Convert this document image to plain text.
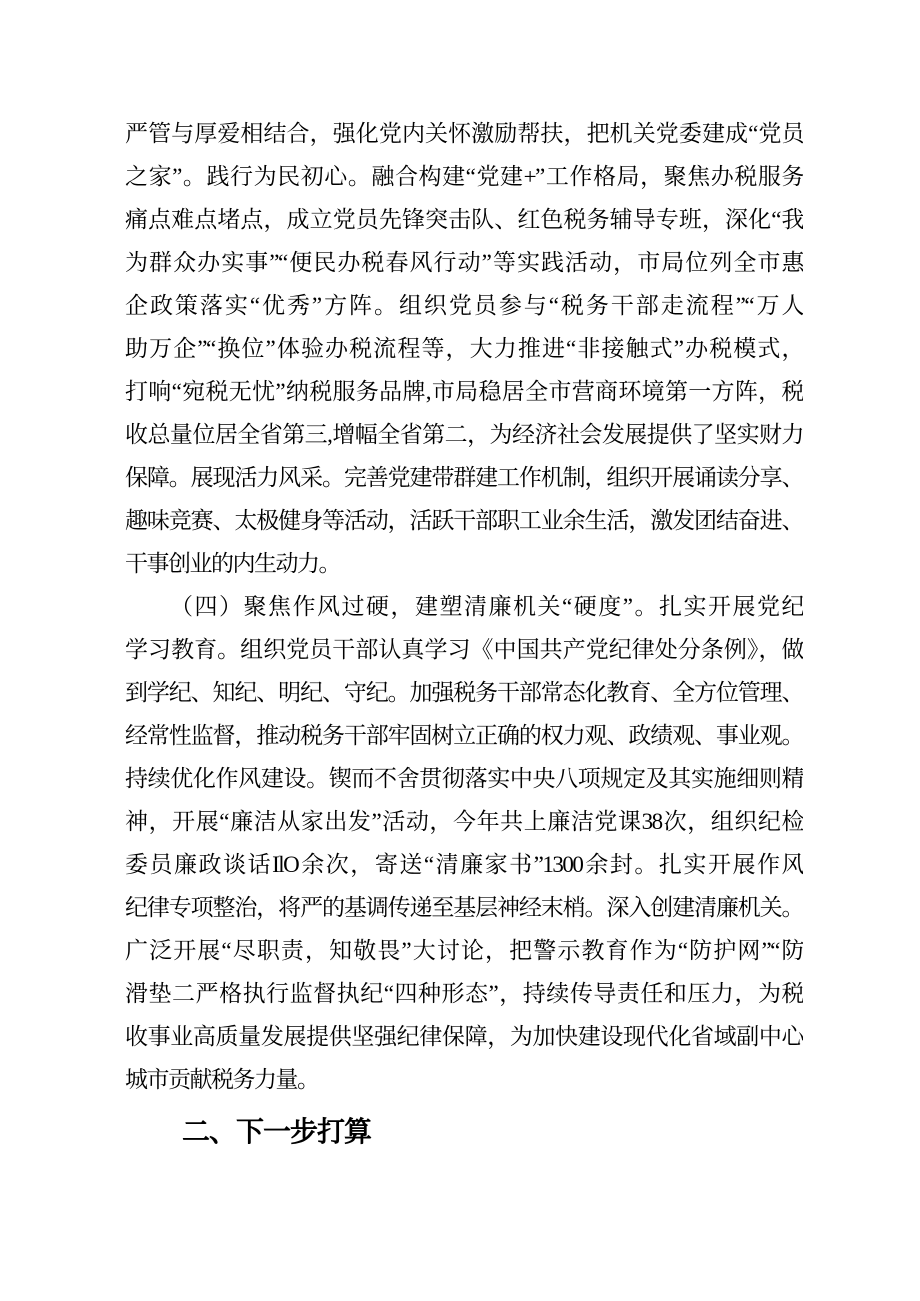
严管与厚爱相结合，强化党内关怀激励帮扶，把机关党委建成“党员
之家”。践行为民初心。融合构建“党建+”工作格局，聚焦办税服务
痛点难点堵点，成立党员先锋突击队、红色税务辅导专班，深化“我
为群众办实事”“便民办税春风行动”等实践活动，市局位列全市惠
企政策落实“优秀”方阵。组织党员参与“税务干部走流程”“万人
助万企”“换位”体验办税流程等，大力推进“非接触式”办税模式，
打响“宛税无忧”纳税服务品牌,市局稳居全市营商环境第一方阵，税
收总量位居全省第三,增幅全省第二，为经济社会发展提供了坚实财力
保障。展现活力风采。完善党建带群建工作机制，组织开展诵读分享、
趣味竞赛、太极健身等活动，活跃干部职工业余生活，激发团结奋进、
干事创业的内生动力。
（四）聚焦作风过硬，建塑清廉机关“硬度”。扎实开展党纪
学习教育。组织党员干部认真学习《中国共产党纪律处分条例》，做
到学纪、知纪、明纪、守纪。加强税务干部常态化教育、全方位管理、
经常性监督，推动税务干部牢固树立正确的权力观、政绩观、事业观。
持续优化作风建设。锲而不舍贯彻落实中央八项规定及其实施细则精
神，开展“廉洁从家出发”活动，今年共上廉洁党课38次，组织纪检
委员廉政谈话IlO余次，寄送“清廉家书”1300余封。扎实开展作风
纪律专项整治，将严的基调传递至基层神经末梢。深入创建清廉机关。
广泛开展“尽职责，知敬畏”大讨论，把警示教育作为“防护网”“防
滑垫二严格执行监督执纪“四种形态”，持续传导责任和压力，为税
收事业高质量发展提供坚强纪律保障，为加快建设现代化省域副中心
城市贡献税务力量。
二、下一步打算
